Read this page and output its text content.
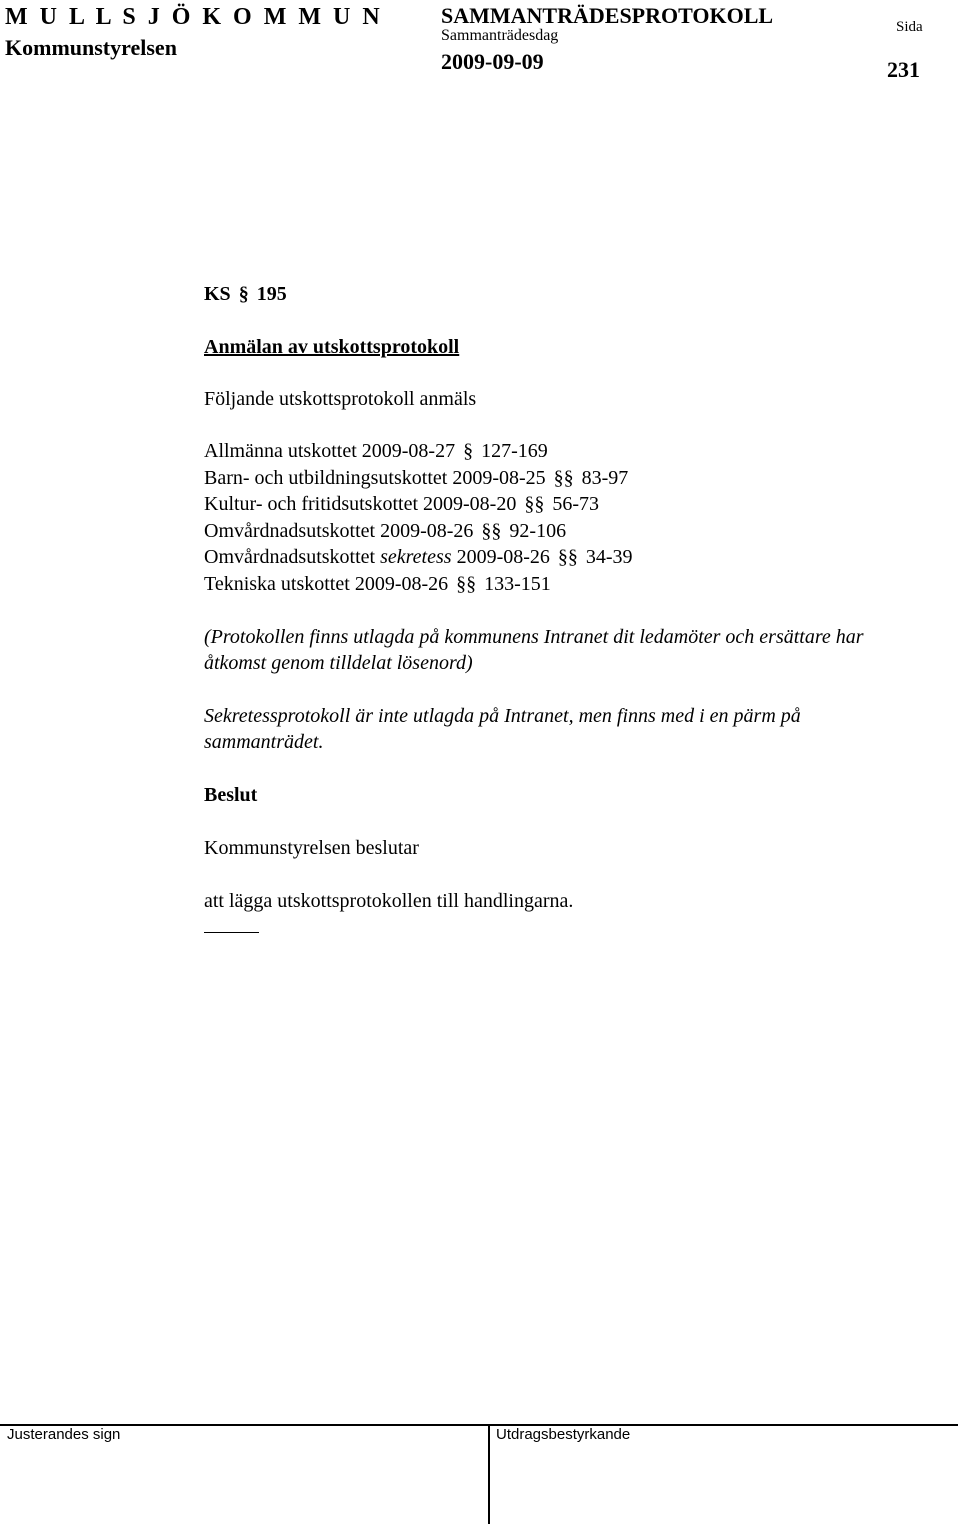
M U L L S J Ö K O M M U N
Kommunstyrelsen
SAMMANTRÄDESPROTOKOLL
Sammanträdesdag
2009-09-09
Sida
231
KS § 195
Anmälan av utskottsprotokoll
Följande utskottsprotokoll anmäls
Allmänna utskottet 2009-08-27 § 127-169
Barn- och utbildningsutskottet 2009-08-25 §§ 83-97
Kultur- och fritidsutskottet 2009-08-20 §§ 56-73
Omvårdnadsutskottet 2009-08-26 §§ 92-106
Omvårdnadsutskottet sekretess 2009-08-26 §§ 34-39
Tekniska utskottet 2009-08-26 §§ 133-151
(Protokollen finns utlagda på kommunens Intranet dit ledamöter och ersättare har åtkomst genom tilldelat lösenord)
Sekretessprotokoll är inte utlagda på Intranet, men finns med i en pärm på sammanträdet.
Beslut
Kommunstyrelsen beslutar
att lägga utskottsprotokollen till handlingarna.
Justerandes sign	Utdragsbestyrkande
